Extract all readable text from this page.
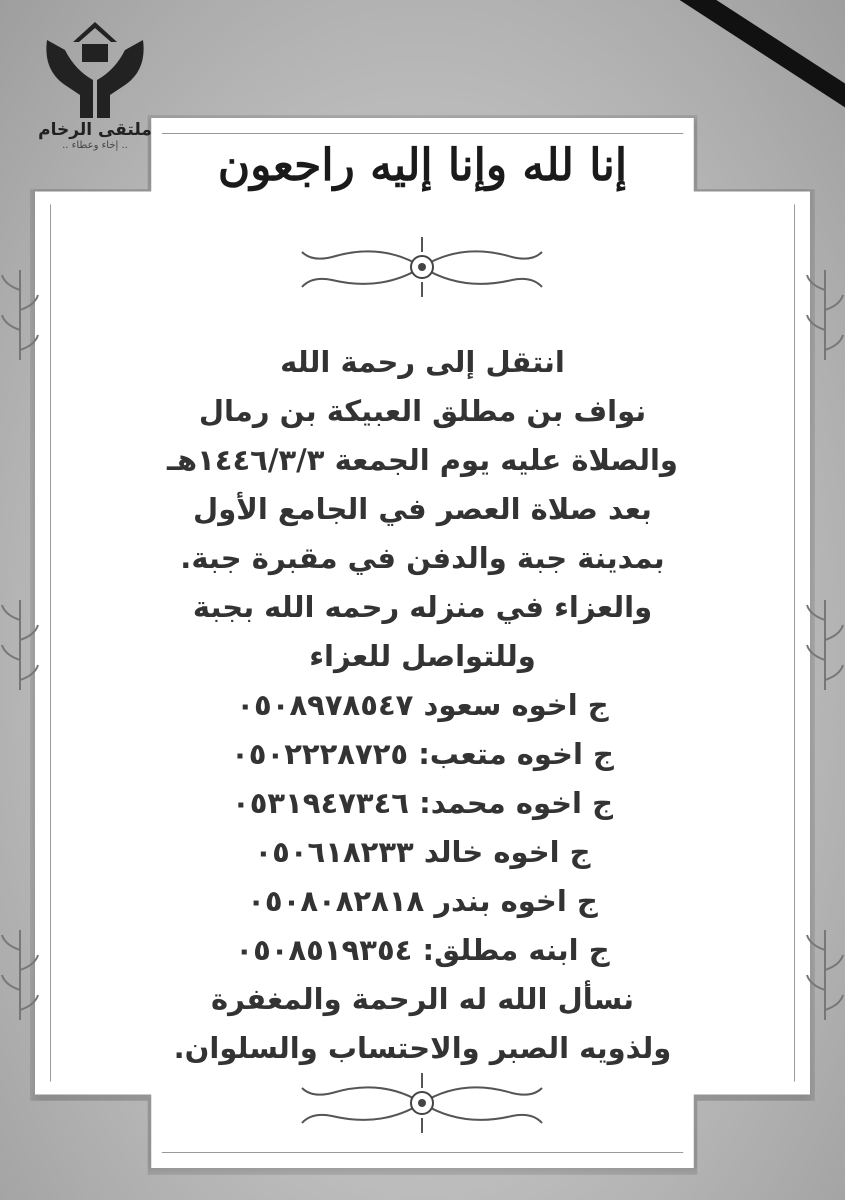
ملتقى الرخام
.. إخاء وعطاء ..	إنا لله وإنا إليه راجعون
انتقل إلى رحمة الله
نواف بن مطلق العبيكة بن رمال
والصلاة عليه يوم الجمعة ١٤٤٦/٣/٣هـ
بعد صلاة العصر في الجامع الأول
بمدينة جبة والدفن في مقبرة جبة.
والعزاء في منزله رحمه الله بجبة
وللتواصل للعزاء
ج اخوه سعود ٠٥٠٨٩٧٨٥٤٧
ج اخوه متعب: ٠٥٠٢٢٢٨٧٢٥
ج اخوه محمد: ٠٥٣١٩٤٧٣٤٦
ج اخوه خالد ٠٥٠٦١٨٢٣٣
ج اخوه بندر ٠٥٠٨٠٨٢٨١٨
ج ابنه مطلق: ٠٥٠٨٥١٩٣٥٤
نسأل الله له الرحمة والمغفرة
ولذويه الصبر والاحتساب والسلوان.
